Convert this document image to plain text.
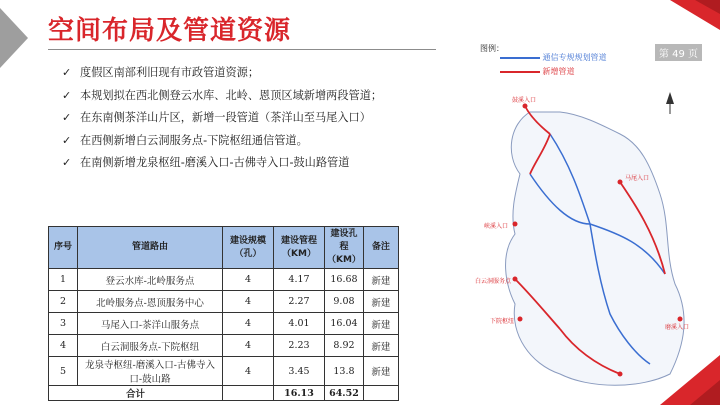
空间布局及管道资源
第 49 页
✓ 度假区南部利旧现有市政管道资源；
✓ 本规划拟在西北侧登云水库、北岭、恩顶区域新增两段管道；
✓ 在东南侧茶洋山片区，新增一段管道（茶洋山至马尾入口）
✓ 在西侧新增白云洞服务点-下院枢纽通信管道。
✓ 在南侧新增龙泉枢纽-磨溪入口-古佛寺入口-鼓山路管道
序号	管道路由	建设规模（孔）	建设管程（KM）	建设孔程（KM）	备注
1	登云水库-北岭服务点	4	4.17	16.68	新建
2	北岭服务点-恩顶服务中心	4	2.27	9.08	新建
3	马尾入口-茶洋山服务点	4	4.01	16.04	新建
4	白云洞服务点-下院枢纽	4	2.23	8.92	新建
5	龙泉寺枢纽-磨溪入口-古佛寺入口-鼓山路	4	3.45	13.8	新建
合计			16.13	64.52	
图例：
通信专规规划管道
新增管道
鼓溪入口
马尾入口
峡溪入口
白云洞服务点
下院枢纽
磨溪入口
